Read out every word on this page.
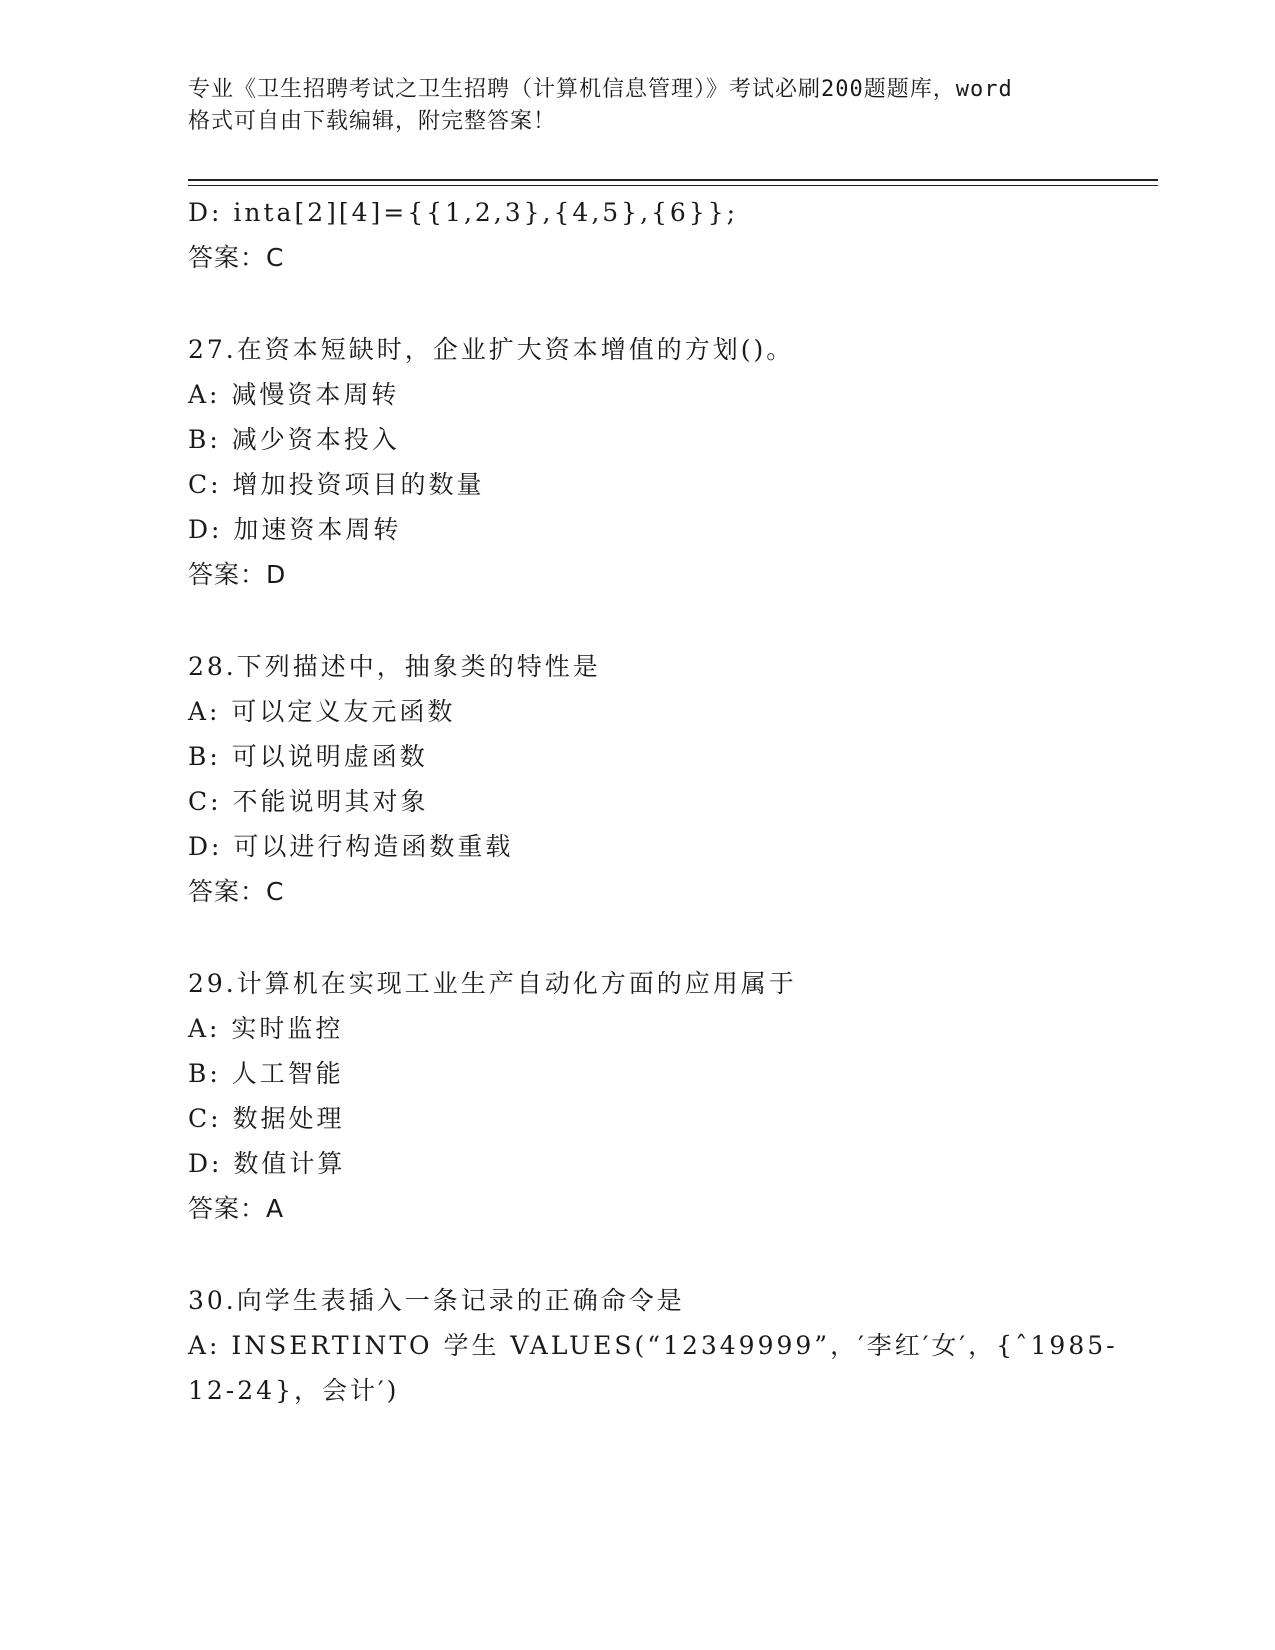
专业《卫生招聘考试之卫生招聘（计算机信息管理）》考试必刷200题题库，word
格式可自由下载编辑，附完整答案！
D: inta[2][4]={{1,2,3},{4,5},{6}};
答案：C
27.在资本短缺时，企业扩大资本增值的方划()。
A: 减慢资本周转
B: 减少资本投入
C: 增加投资项目的数量
D: 加速资本周转
答案：D
28.下列描述中，抽象类的特性是
A: 可以定义友元函数
B: 可以说明虚函数
C: 不能说明其对象
D: 可以进行构造函数重载
答案：C
29.计算机在实现工业生产自动化方面的应用属于
A: 实时监控
B: 人工智能
C: 数据处理
D: 数值计算
答案：A
30.向学生表插入一条记录的正确命令是
A: INSERTINTO 学生 VALUES(“12349999”，′李红′女′，{ˆ1985-
12-24}，会计′)
